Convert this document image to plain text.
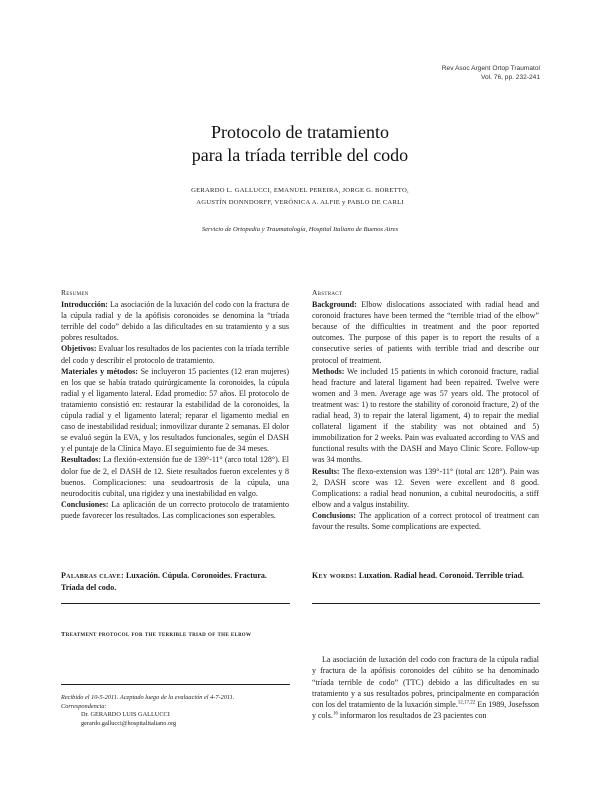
Rev Asoc Argent Ortop Traumatol
Vol. 76, pp. 232-241
Protocolo de tratamiento
para la tríada terrible del codo
GERARDO L. GALLUCCI, EMANUEL PEREIRA, JORGE G. BORETTO,
AGUSTÍN DONNDORFF, VERÓNICA A. ALFIE y PABLO DE CARLI
Servicio de Ortopedia y Traumatología, Hospital Italiano de Buenos Aires
Resumen

Introducción: La asociación de la luxación del codo con la fractura de la cúpula radial y de la apófisis coronoides se denomina la “tríada terrible del codo” debido a las dificultades en su tratamiento y a sus pobres resultados.

Objetivos: Evaluar los resultados de los pacientes con la tríada terrible del codo y describir el protocolo de tratamiento.

Materiales y métodos: Se incluyeron 15 pacientes (12 eran mujeres) en los que se había tratado quirúrgicamente la coronoides, la cúpula radial y el ligamento lateral. Edad promedio: 57 años. El protocolo de tratamiento consistió en: restaurar la estabilidad de la coronoides, la cúpula radial y el ligamento lateral; reparar el ligamento medial en caso de inestabilidad residual; inmovilizar durante 2 semanas. El dolor se evaluó según la EVA, y los resultados funcionales, según el DASH y el puntaje de la Clínica Mayo. El seguimiento fue de 34 meses.

Resultados: La flexión-extensión fue de 139°-11° (arco total 128°). El dolor fue de 2, el DASH de 12. Siete resultados fueron excelentes y 8 buenos. Complicaciones: una seudoartrosis de la cúpula, una neurodocitis cubital, una rigidez y una inestabilidad en valgo.

Conclusiones: La aplicación de un correcto protocolo de tratamiento puede favorecer los resultados. Las complicaciones son esperables.

Abstract

Background: Elbow dislocations associated with radial head and coronoid fractures have been termed the “terrible triad of the elbow” because of the difficulties in treatment and the poor reported outcomes. The purpose of this paper is to report the results of a consecutive series of patients with terrible triad and describe our protocol of treatment.

Methods: We included 15 patients in which coronoid fracture, radial head fracture and lateral ligament had been repaired. Twelve were women and 3 men. Average age was 57 years old. The protocol of treatment was: 1) to restore the stability of coronoid fracture, 2) of the radial head, 3) to repair the lateral ligament, 4) to repair the medial collateral ligament if the stability was not obtained and 5) immobilization for 2 weeks. Pain was evaluated according to VAS and functional results with the DASH and Mayo Clinic Score. Follow-up was 34 months.

Results: The flexo-extension was 139°-11° (total arc 128°). Pain was 2, DASH score was 12. Seven were excellent and 8 good. Complications: a radial head nonunion, a cubital neurodocitis, a stiff elbow and a valgus instability.

Conclusions: The application of a correct protocol of treatment can favour the results. Some complications are expected.

Palabras clave: Luxación. Cúpula. Coronoides. Fractura. Tríada del codo.
Key words: Luxation. Radial head. Coronoid. Terrible triad.
Treatment protocol for the terrible triad of the elbow
Recibido el 10-5-2011. Aceptado luego de la evaluación el 4-7-2011.
Correspondencia:
Dr. GERARDO LUIS GALLUCCI
gerardo.gallucci@hospitalitaliano.org

La asociación de luxación del codo con fractura de la cúpula radial y fractura de la apófisis coronoides del cúbito se ha denominado “tríada terrible de codo” (TTC) debido a las dificultades en su tratamiento y a sus resultados pobres, principalmente en comparación con los del tratamiento de la luxación simple.$^{12,17,22}$ En 1989, Josefsson y cols.$^{16}$ informaron los resultados de 23 pacientes con
